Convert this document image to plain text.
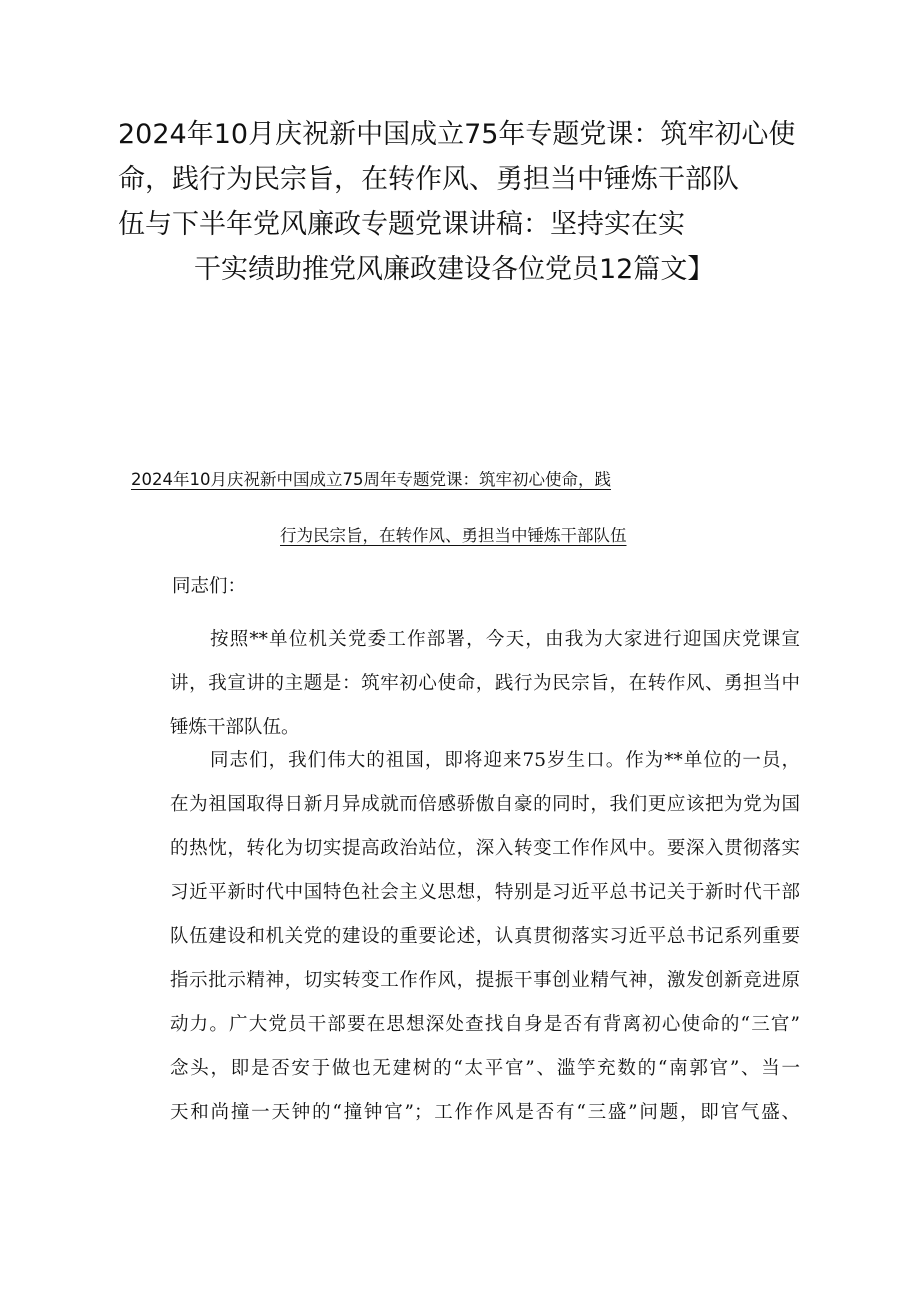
2024年10月庆祝新中国成立75年专题党课：筑牢初心使
命，践行为民宗旨，在转作风、勇担当中锤炼干部队
伍与下半年党风廉政专题党课讲稿：坚持实在实
干实绩助推党风廉政建设各位党员12篇文】
2024年10月庆祝新中国成立75周年专题党课：筑牢初心使命，践
行为民宗旨，在转作风、勇担当中锤炼干部队伍

同志们：

按照**单位机关党委工作部署，今天，由我为大家进行迎国庆党课宣
讲，我宣讲的主题是：筑牢初心使命，践行为民宗旨，在转作风、勇担当中
锤炼干部队伍。
同志们，我们伟大的祖国，即将迎来75岁生口。作为**单位的一员，
在为祖国取得日新月异成就而倍感骄傲自豪的同时，我们更应该把为党为国
的热忱，转化为切实提高政治站位，深入转变工作作风中。要深入贯彻落实
习近平新时代中国特色社会主义思想，特别是习近平总书记关于新时代干部
队伍建设和机关党的建设的重要论述，认真贯彻落实习近平总书记系列重要
指示批示精神，切实转变工作作风，提振干事创业精气神，激发创新竞进原
动力。广大党员干部要在思想深处查找自身是否有背离初心使命的“三官”
念头，即是否安于做也无建树的“太平官”、滥竽充数的“南郭官”、当一
天和尚撞一天钟的“撞钟官”；工作作风是否有“三盛”问题，即官气盛、
